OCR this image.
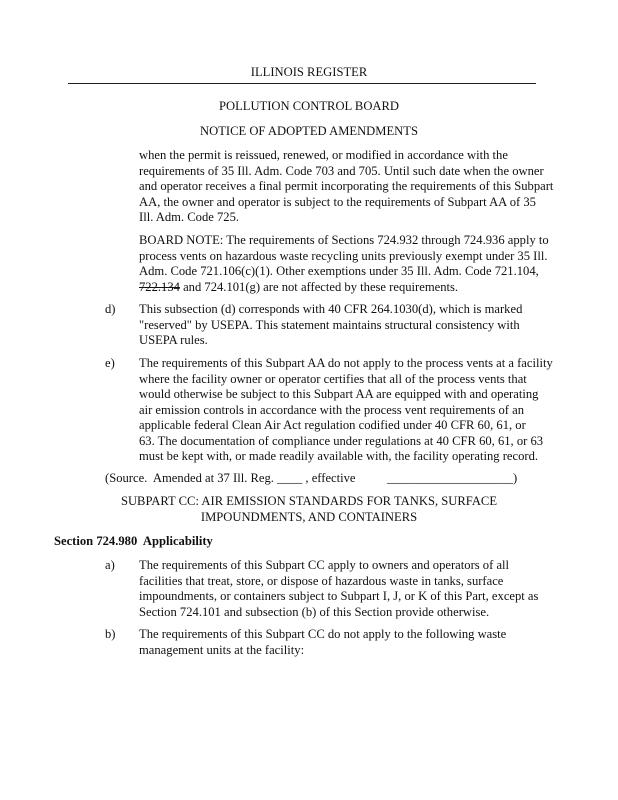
ILLINOIS REGISTER
POLLUTION CONTROL BOARD
NOTICE OF ADOPTED AMENDMENTS
when the permit is reissued, renewed, or modified in accordance with the
requirements of 35 Ill. Adm. Code 703 and 705. Until such date when the owner
and operator receives a final permit incorporating the requirements of this Subpart
AA, the owner and operator is subject to the requirements of Subpart AA of 35
Ill. Adm. Code 725.
BOARD NOTE: The requirements of Sections 724.932 through 724.936 apply to
process vents on hazardous waste recycling units previously exempt under 35 Ill.
Adm. Code 721.106(c)(1). Other exemptions under 35 Ill. Adm. Code 721.104,
722.134 and 724.101(g) are not affected by these requirements.
d) This subsection (d) corresponds with 40 CFR 264.1030(d), which is marked
"reserved" by USEPA. This statement maintains structural consistency with
USEPA rules.
e) The requirements of this Subpart AA do not apply to the process vents at a facility
where the facility owner or operator certifies that all of the process vents that
would otherwise be subject to this Subpart AA are equipped with and operating
air emission controls in accordance with the process vent requirements of an
applicable federal Clean Air Act regulation codified under 40 CFR 60, 61, or
63. The documentation of compliance under regulations at 40 CFR 60, 61, or 63
must be kept with, or made readily available with, the facility operating record.
(Source.  Amended at 37 Ill. Reg. ____ , effective          ____________________)
SUBPART CC: AIR EMISSION STANDARDS FOR TANKS, SURFACE
IMPOUNDMENTS, AND CONTAINERS
Section 724.980  Applicability
a) The requirements of this Subpart CC apply to owners and operators of all
facilities that treat, store, or dispose of hazardous waste in tanks, surface
impoundments, or containers subject to Subpart I, J, or K of this Part, except as
Section 724.101 and subsection (b) of this Section provide otherwise.
b) The requirements of this Subpart CC do not apply to the following waste
management units at the facility:
